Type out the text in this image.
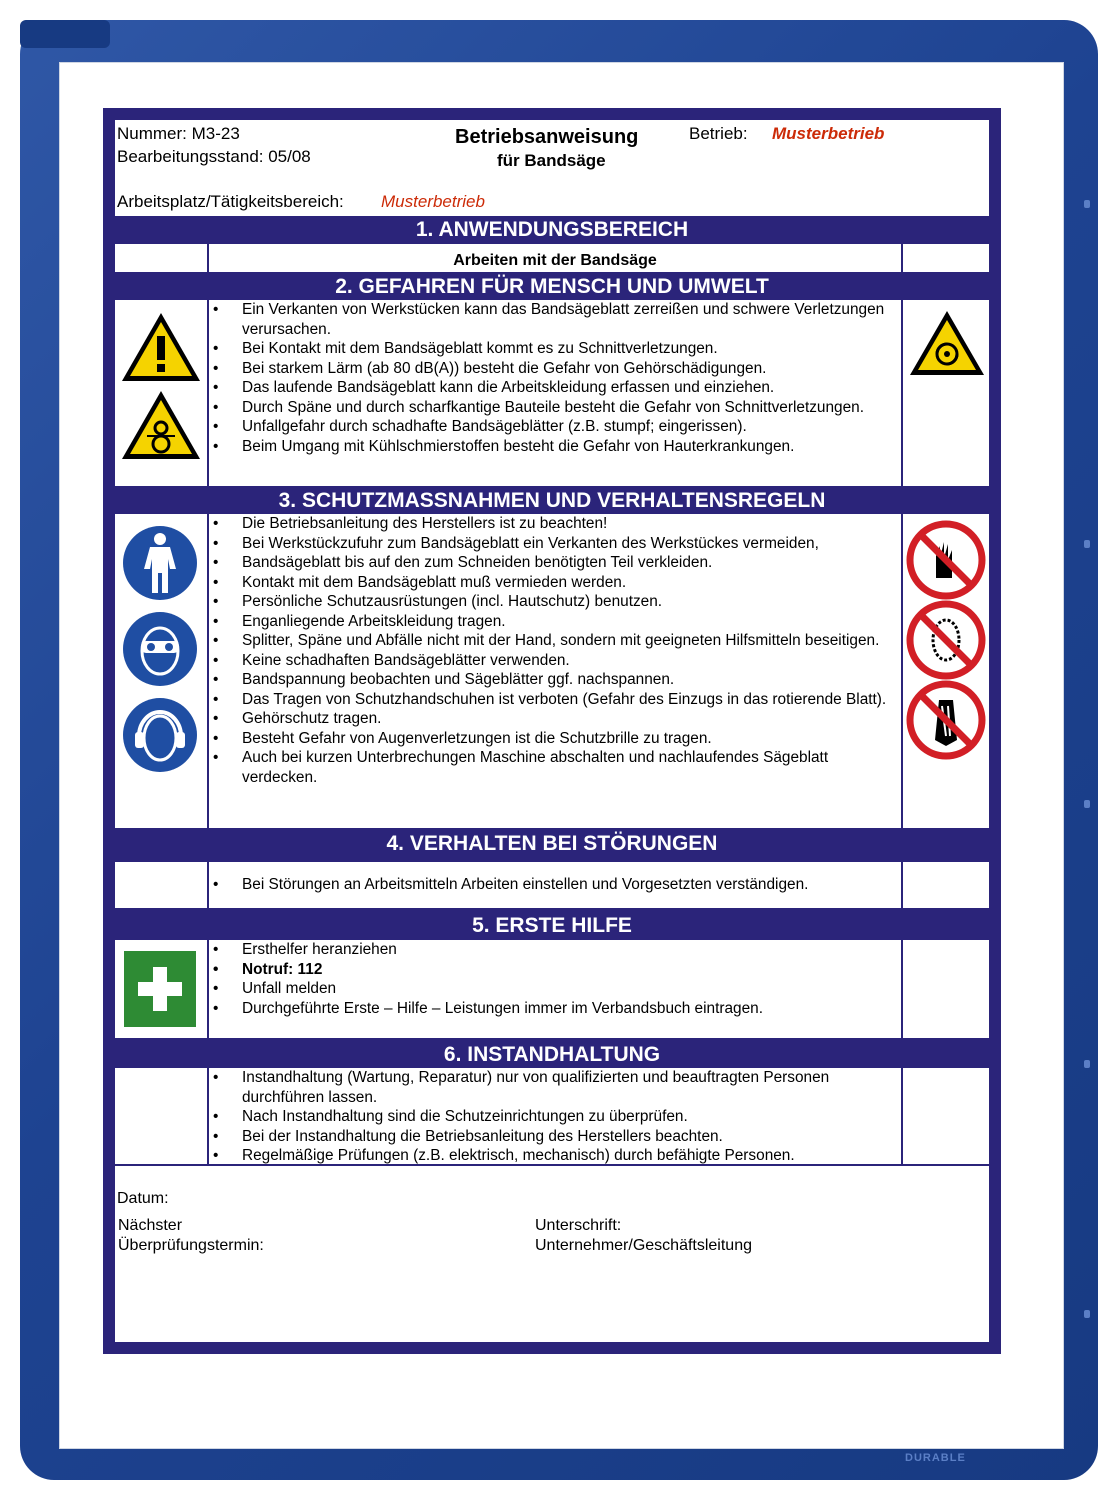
DURABLE
Nummer: M3-23
Bearbeitungsstand: 05/08
Betriebsanweisung
für Bandsäge
Betrieb: Musterbetrieb
Arbeitsplatz/Tätigkeitsbereich: Musterbetrieb
1. ANWENDUNGSBEREICH
Arbeiten mit der Bandsäge
2. GEFAHREN FÜR MENSCH UND UMWELT
• Ein Verkanten von Werkstücken kann das Bandsägeblatt zerreißen und schwere Verletzungen verursachen.
• Bei Kontakt mit dem Bandsägeblatt kommt es zu Schnittverletzungen.
• Bei starkem Lärm (ab 80 dB(A)) besteht die Gefahr von Gehörschädigungen.
• Das laufende Bandsägeblatt kann die Arbeitskleidung erfassen und einziehen.
• Durch Späne und durch scharfkantige Bauteile besteht die Gefahr von Schnittverletzungen.
• Unfallgefahr durch schadhafte Bandsägeblätter (z.B. stumpf; eingerissen).
• Beim Umgang mit Kühlschmierstoffen besteht die Gefahr von Hauterkrankungen.
3. SCHUTZMASSNAHMEN UND VERHALTENSREGELN
• Die Betriebsanleitung des Herstellers ist zu beachten!
• Bei Werkstückzufuhr zum Bandsägeblatt ein Verkanten des Werkstückes vermeiden,
• Bandsägeblatt bis auf den zum Schneiden benötigten Teil verkleiden.
• Kontakt mit dem Bandsägeblatt muß vermieden werden.
• Persönliche Schutzausrüstungen (incl. Hautschutz) benutzen.
• Enganliegende Arbeitskleidung tragen.
• Splitter, Späne und Abfälle nicht mit der Hand, sondern mit geeigneten Hilfsmitteln beseitigen.
• Keine schadhaften Bandsägeblätter verwenden.
• Bandspannung beobachten und Sägeblätter ggf. nachspannen.
• Das Tragen von Schutzhandschuhen ist verboten (Gefahr des Einzugs in das rotierende Blatt).
• Gehörschutz tragen.
• Besteht Gefahr von Augenverletzungen ist die Schutzbrille zu tragen.
• Auch bei kurzen Unterbrechungen Maschine abschalten und nachlaufendes Sägeblatt verdecken.
4. VERHALTEN BEI STÖRUNGEN
• Bei Störungen an Arbeitsmitteln Arbeiten einstellen und Vorgesetzten verständigen.
5. ERSTE HILFE
• Ersthelfer heranziehen
• Notruf: 112
• Unfall melden
• Durchgeführte Erste – Hilfe – Leistungen immer im Verbandsbuch eintragen.
6. INSTANDHALTUNG
• Instandhaltung (Wartung, Reparatur) nur von qualifizierten und beauftragten Personen durchführen lassen.
• Nach Instandhaltung sind die Schutzeinrichtungen zu überprüfen.
• Bei der Instandhaltung die Betriebsanleitung des Herstellers beachten.
• Regelmäßige Prüfungen (z.B. elektrisch, mechanisch) durch befähigte Personen.
Datum:
Nächster
Überprüfungstermin:
Unterschrift:
Unternehmer/Geschäftsleitung
